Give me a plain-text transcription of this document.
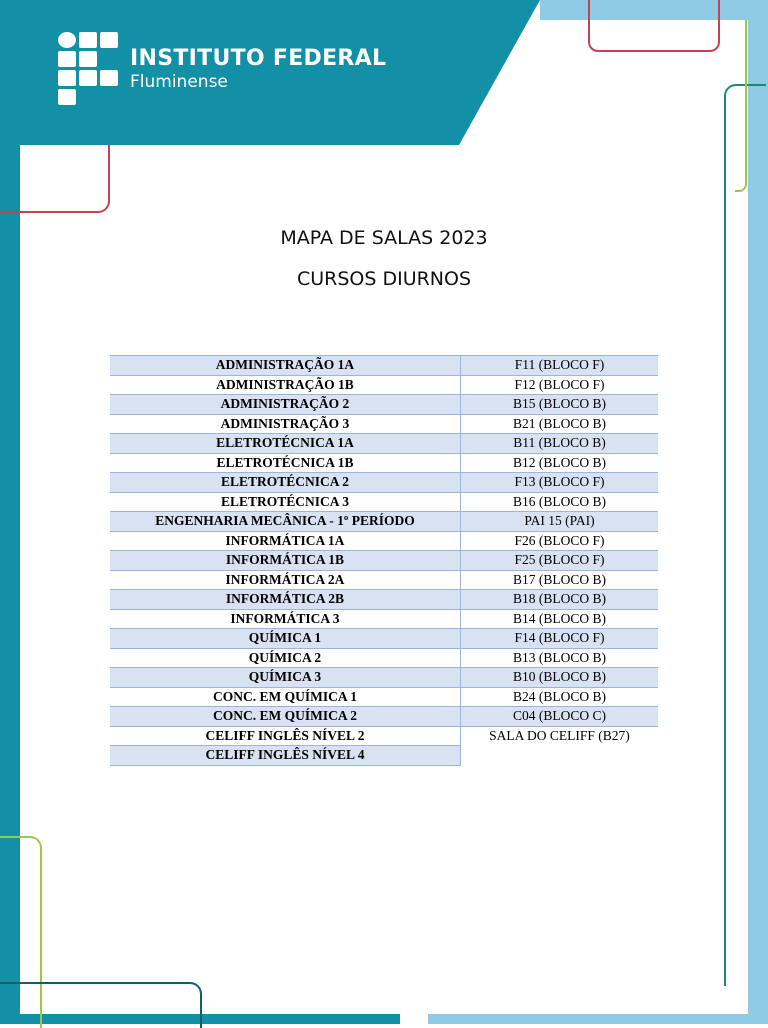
INSTITUTO FEDERAL
Fluminense
MAPA DE SALAS 2023
CURSOS DIURNOS
ADMINISTRAÇÃO 1A	F11 (BLOCO F)
ADMINISTRAÇÃO 1B	F12 (BLOCO F)
ADMINISTRAÇÃO 2	B15 (BLOCO B)
ADMINISTRAÇÃO 3	B21 (BLOCO B)
ELETROTÉCNICA 1A	B11 (BLOCO B)
ELETROTÉCNICA 1B	B12 (BLOCO B)
ELETROTÉCNICA 2	F13 (BLOCO F)
ELETROTÉCNICA 3	B16 (BLOCO B)
ENGENHARIA MECÂNICA - 1º PERÍODO	PAI 15 (PAI)
INFORMÁTICA 1A	F26 (BLOCO F)
INFORMÁTICA 1B	F25 (BLOCO F)
INFORMÁTICA 2A	B17 (BLOCO B)
INFORMÁTICA 2B	B18 (BLOCO B)
INFORMÁTICA 3	B14 (BLOCO B)
QUÍMICA 1	F14 (BLOCO F)
QUÍMICA 2	B13 (BLOCO B)
QUÍMICA 3	B10 (BLOCO B)
CONC. EM QUÍMICA 1	B24 (BLOCO B)
CONC. EM QUÍMICA 2	C04 (BLOCO C)
CELIFF INGLÊS NÍVEL 2	SALA DO CELIFF (B27)
CELIFF INGLÊS NÍVEL 4	
